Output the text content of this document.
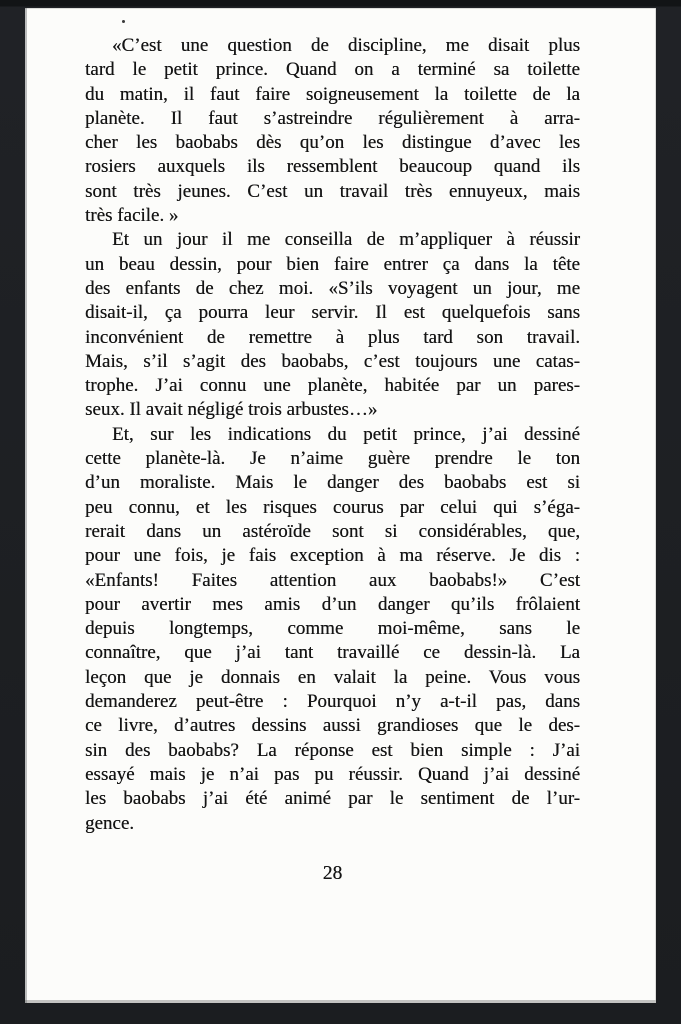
«C’est une question de discipline, me disait plus
tard le petit prince. Quand on a terminé sa toilette
du matin, il faut faire soigneusement la toilette de la
planète. Il faut s’astreindre régulièrement à arra-
cher les baobabs dès qu’on les distingue d’avec les
rosiers auxquels ils ressemblent beaucoup quand ils
sont très jeunes. C’est un travail très ennuyeux, mais
très facile. »
Et un jour il me conseilla de m’appliquer à réussir
un beau dessin, pour bien faire entrer ça dans la tête
des enfants de chez moi. «S’ils voyagent un jour, me
disait-il, ça pourra leur servir. Il est quelquefois sans
inconvénient de remettre à plus tard son travail.
Mais, s’il s’agit des baobabs, c’est toujours une catas-
trophe. J’ai connu une planète, habitée par un pares-
seux. Il avait négligé trois arbustes…»
Et, sur les indications du petit prince, j’ai dessiné
cette planète-là. Je n’aime guère prendre le ton
d’un moraliste. Mais le danger des baobabs est si
peu connu, et les risques courus par celui qui s’éga-
rerait dans un astéroïde sont si considérables, que,
pour une fois, je fais exception à ma réserve. Je dis :
«Enfants! Faites attention aux baobabs!» C’est
pour avertir mes amis d’un danger qu’ils frôlaient
depuis longtemps, comme moi-même, sans le
connaître, que j’ai tant travaillé ce dessin-là. La
leçon que je donnais en valait la peine. Vous vous
demanderez peut-être : Pourquoi n’y a-t-il pas, dans
ce livre, d’autres dessins aussi grandioses que le des-
sin des baobabs? La réponse est bien simple : J’ai
essayé mais je n’ai pas pu réussir. Quand j’ai dessiné
les baobabs j’ai été animé par le sentiment de l’ur-
gence.
28
